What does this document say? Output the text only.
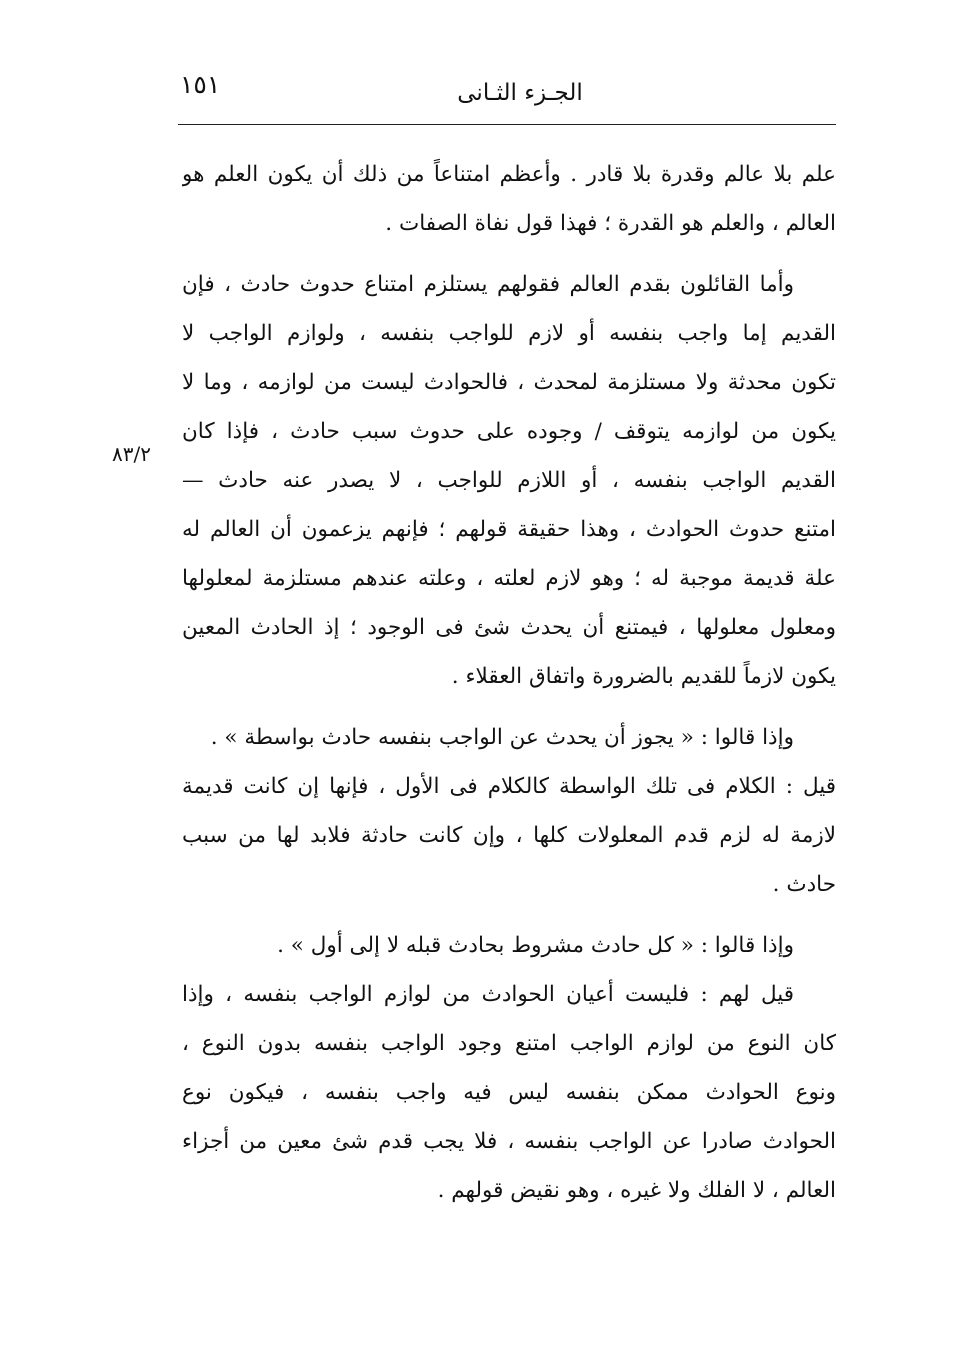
١٥١	الجـزء الثـانى
٨٣/٢
علم بلا عالم وقدرة بلا قادر . وأعظم امتناعاً من ذلك أن يكون العلم هو
العالم ، والعلم هو القدرة ؛ فهذا قول نفاة الصفات .
وأما القائلون بقدم العالم فقولهم يستلزم امتناع حدوث حادث ، فإن
القديم إما واجب بنفسه أو لازم للواجب بنفسه ، ولوازم الواجب لا
تكون محدثة ولا مستلزمة لمحدث ، فالحوادث ليست من لوازمه ، وما لا
يكون من لوازمه يتوقف / وجوده على حدوث سبب حادث ، فإذا كان
القديم الواجب بنفسه ، أو اللازم للواجب ، لا يصدر عنه حادث —
امتنع حدوث الحوادث ، وهذا حقيقة قولهم ؛ فإنهم يزعمون أن العالم له
علة قديمة موجبة له ؛ وهو لازم لعلته ، وعلته عندهم مستلزمة لمعلولها
ومعلول معلولها ، فيمتنع أن يحدث شئ فى الوجود ؛ إذ الحادث المعين
يكون لازماً للقديم بالضرورة واتفاق العقلاء .
وإذا قالوا : « يجوز أن يحدث عن الواجب بنفسه حادث بواسطة » .
قيل : الكلام فى تلك الواسطة كالكلام فى الأول ، فإنها إن كانت قديمة
لازمة له لزم قدم المعلولات كلها ، وإن كانت حادثة فلابد لها من سبب
حادث .
وإذا قالوا : « كل حادث مشروط بحادث قبله لا إلى أول » .
قيل لهم : فليست أعيان الحوادث من لوازم الواجب بنفسه ، وإذا
كان النوع من لوازم الواجب امتنع وجود الواجب بنفسه بدون النوع ،
ونوع الحوادث ممكن بنفسه ليس فيه واجب بنفسه ، فيكون نوع
الحوادث صادرا عن الواجب بنفسه ، فلا يجب قدم شئ معين من أجزاء
العالم ، لا الفلك ولا غيره ، وهو نقيض قولهم .
